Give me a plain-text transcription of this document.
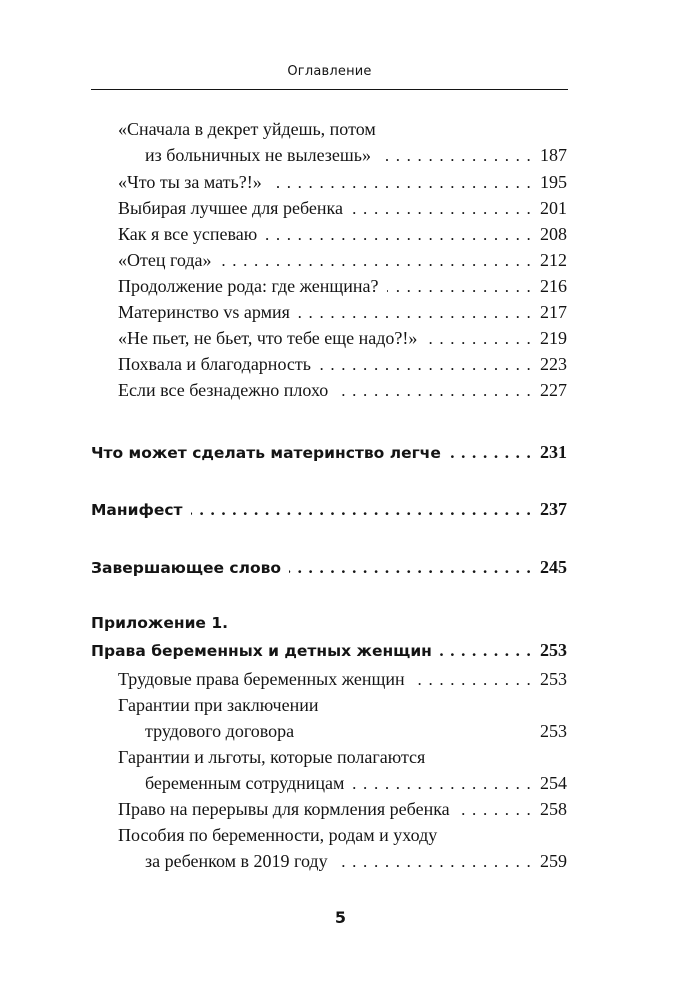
Оглавление
«Сначала в декрет уйдешь, потом
из больничных не вылезешь» . . .	187
«Что ты за мать?!» . . .	195
Выбирая лучшее для ребенка . . .	201
Как я все успеваю . . .	208
«Отец года» . . .	212
Продолжение рода: где женщина? . . .	216
Материнство vs армия . . .	217
«Не пьет, не бьет, что тебе еще надо?!» . . .	219
Похвала и благодарность . . .	223
Если все безнадежно плохо . . .	227
Что может сделать материнство легче . . .	231
Манифест . . .	237
Завершающее слово . . .	245
Приложение 1.
Права беременных и детных женщин . . .	253
Трудовые права беременных женщин . . .	253
Гарантии при заключении
трудового договора	253
Гарантии и льготы, которые полагаются
беременным сотрудницам . . .	254
Право на перерывы для кормления ребенка . . .	258
Пособия по беременности, родам и уходу
за ребенком в 2019 году . . .	259
5
